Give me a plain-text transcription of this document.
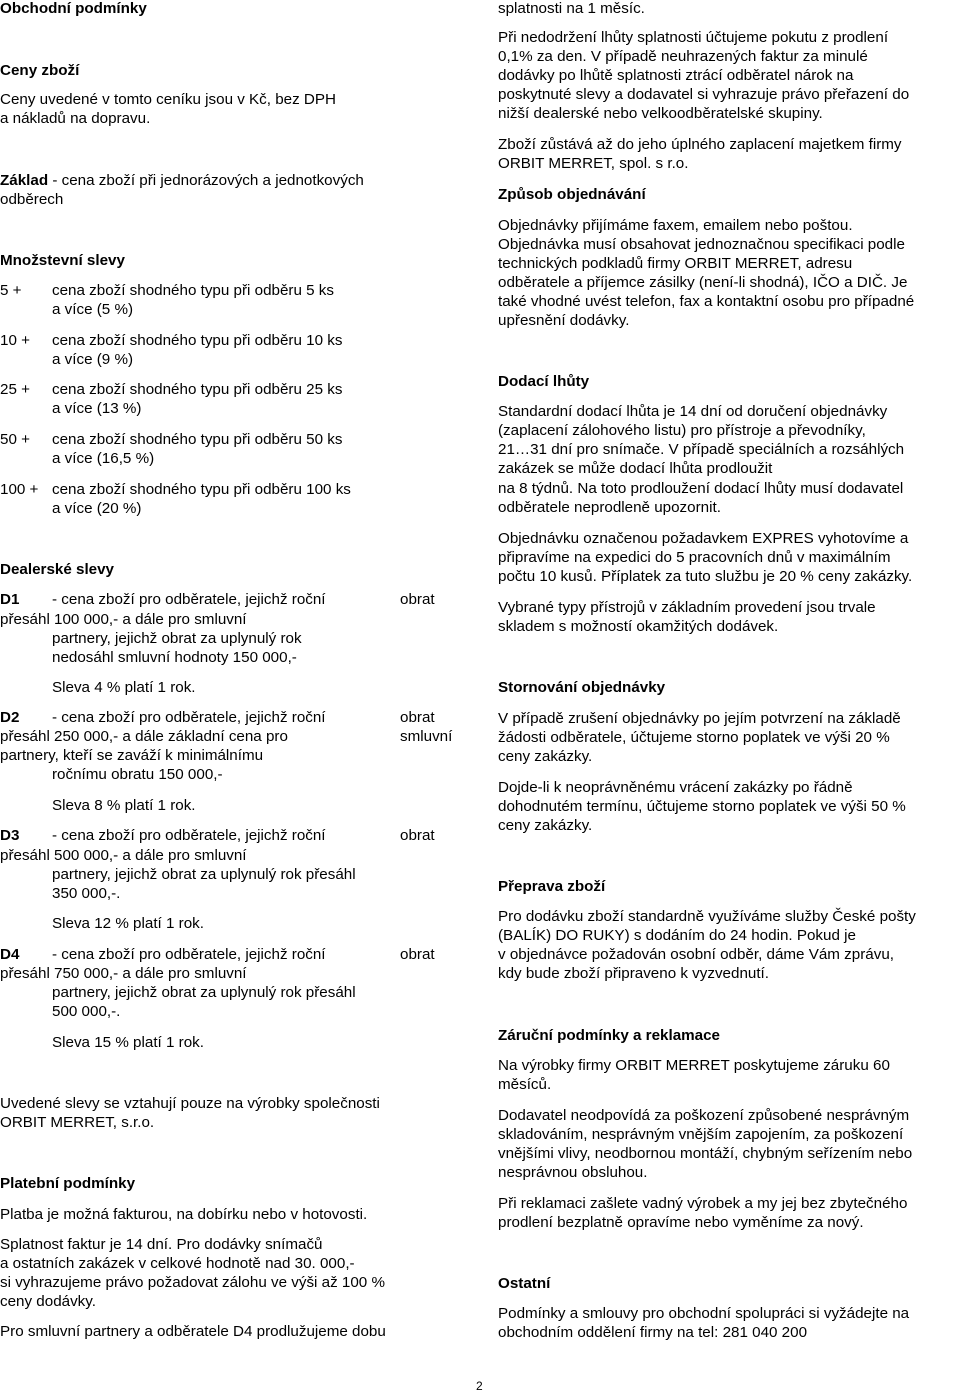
Obchodní podmínky

Ceny zboží

Ceny uvedené v tomto ceníku jsou v Kč, bez DPH

a nákladů na dopravu.

Základ - cena zboží při jednorázových a jednotkových

odběrech

Množstevní slevy

5 + cena zboží shodného typu při odběru 5 ks

a více (5 %)

10 + cena zboží shodného typu při odběru 10 ks

a více (9 %)

25 + cena zboží shodného typu při odběru 25 ks

a více (13 %)

50 + cena zboží shodného typu při odběru 50 ks

a více (16,5 %)

100 + cena zboží shodného typu při odběru 100 ks

a více (20 %)

Dealerské slevy

D1 - cena zboží pro odběratele, jejichž roční	obrat

přesáhl 100 000,- a dále pro smluvní

partnery, jejichž obrat za uplynulý rok

nedosáhl smluvní hodnoty 150 000,-

Sleva 4 % platí 1 rok.

D2 - cena zboží pro odběratele, jejichž roční	obrat

přesáhl 250 000,- a dále základní cena pro	smluvní

partnery, kteří se zaváží k minimálnímu

ročnímu obratu 150 000,-

Sleva 8 % platí 1 rok.

D3 - cena zboží pro odběratele, jejichž roční	obrat

přesáhl 500 000,- a dále pro smluvní

partnery, jejichž obrat za uplynulý rok přesáhl

350 000,-.

Sleva 12 % platí 1 rok.

D4 - cena zboží pro odběratele, jejichž roční	obrat

přesáhl 750 000,- a dále pro smluvní

partnery, jejichž obrat za uplynulý rok přesáhl

500 000,-.

Sleva 15 % platí 1 rok.

Uvedené slevy se vztahují pouze na výrobky společnosti

ORBIT MERRET, s.r.o.

Platební podmínky

Platba je možná fakturou, na dobírku nebo v hotovosti.

Splatnost faktur je 14 dní. Pro dodávky snímačů

a ostatních zakázek v celkové hodnotě nad 30. 000,-

si vyhrazujeme právo požadovat zálohu ve výši až 100 %

ceny dodávky.

Pro smluvní partnery a odběratele D4 prodlužujeme dobu

splatnosti na 1 měsíc.

Při nedodržení lhůty splatnosti účtujeme pokutu z prodlení

0,1% za den. V případě neuhrazených faktur za minulé

dodávky po lhůtě splatnosti ztrácí odběratel nárok na

poskytnuté slevy a dodavatel si vyhrazuje právo přeřazení do

nižší dealerské nebo velkoodběratelské skupiny.

Zboží zůstává až do jeho úplného zaplacení majetkem firmy

ORBIT MERRET, spol. s r.o.

Způsob objednávání

Objednávky přijímáme faxem, emailem nebo poštou.

Objednávka musí obsahovat jednoznačnou specifikaci podle

technických podkladů firmy ORBIT MERRET, adresu

odběratele a příjemce zásilky (není-li shodná), IČO a DIČ. Je

také vhodné uvést telefon, fax a kontaktní osobu pro případné

upřesnění dodávky.

Dodací lhůty

Standardní dodací lhůta je 14 dní od doručení objednávky

(zaplacení zálohového listu) pro přístroje a převodníky,

21…31 dní pro snímače. V případě speciálních a rozsáhlých

zakázek se může dodací lhůta prodloužit

na 8 týdnů. Na toto prodloužení dodací lhůty musí dodavatel

odběratele neprodleně upozornit.

Objednávku označenou požadavkem EXPRES vyhotovíme a

připravíme na expedici do 5 pracovních dnů v maximálním

počtu 10 kusů. Příplatek za tuto službu je 20 % ceny zakázky.

Vybrané typy přístrojů v základním provedení jsou trvale

skladem s možností okamžitých dodávek.

Stornování objednávky

V případě zrušení objednávky po jejím potvrzení na základě

žádosti odběratele, účtujeme storno poplatek ve výši 20 %

ceny zakázky.

Dojde-li k neoprávněnému vrácení zakázky po řádně

dohodnutém termínu, účtujeme storno poplatek ve výši 50 %

ceny zakázky.

Přeprava zboží

Pro dodávku zboží standardně využíváme služby České pošty

(BALÍK) DO RUKY) s dodáním do 24 hodin. Pokud je

v objednávce požadován osobní odběr, dáme Vám zprávu,

kdy bude zboží připraveno k vyzvednutí.

Záruční podmínky a reklamace

Na výrobky firmy ORBIT MERRET poskytujeme záruku 60

měsíců.

Dodavatel neodpovídá za poškození způsobené nesprávným

skladováním, nesprávným vnějším zapojením, za poškození

vnějšími vlivy, neodbornou montáží, chybným seřízením nebo

nesprávnou obsluhou.

Při reklamaci zašlete vadný výrobek a my jej bez zbytečného

prodlení bezplatně opravíme nebo vyměníme za nový.

Ostatní

Podmínky a smlouvy pro obchodní spolupráci si vyžádejte na

obchodním oddělení firmy na tel: 281 040 200

2
